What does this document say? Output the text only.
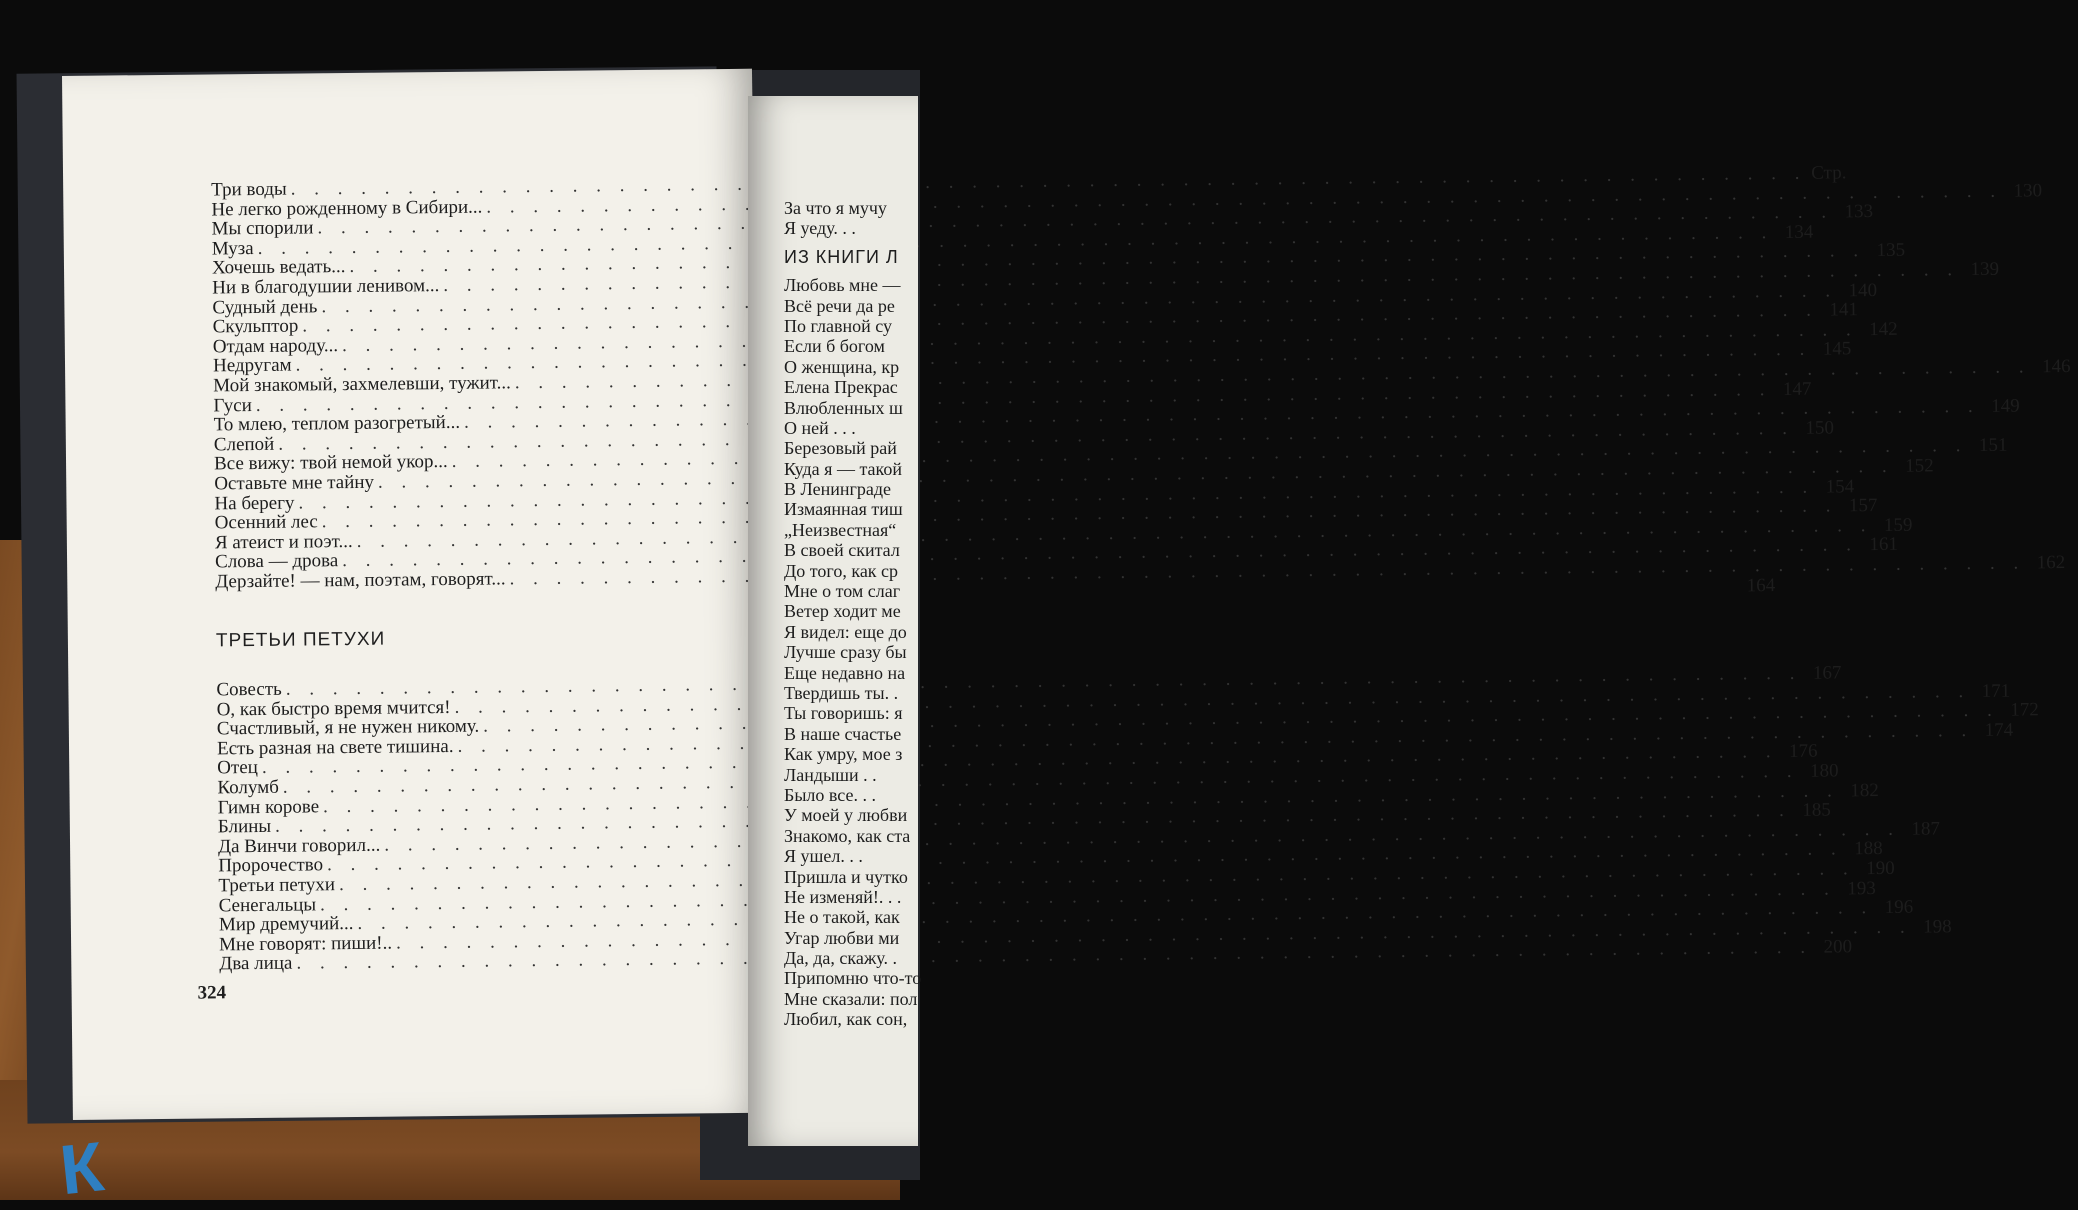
К
Три воды
. . .
Стр.
Не легко рожденному в Сибири...
. . .
130
Мы спорили
. . .
133
Муза
. . .
134
Хочешь ведать...
. . .
135
Ни в благодушии ленивом...
. . .
139
Судный день
. . .
140
Скульптор
. . .
141
Отдам народу...
. . .
142
Недругам
. . .
145
Мой знакомый, захмелевши, тужит...
. . .
146
Гуси
. . .
147
То млею, теплом разогретый...
. . .
149
Слепой
. . .
150
Все вижу: твой немой укор...
. . .
151
Оставьте мне тайну
. . .
152
На берегу
. . .
154
Осенний лес
. . .
157
Я атеист и поэт...
. . .
159
Слова — дрова
. . .
161
Дерзайте! — нам, поэтам, говорят...
. . .
162
164
Совесть
. . .
167
О, как быстро время мчится!
. . .
171
Счастливый, я не нужен никому.
. . .
172
Есть разная на свете тишина.
. . .
174
Отец
. . .
176
Колумб
. . .
180
Гимн корове
. . .
182
Блины
. . .
185
Да Винчи говорил...
. . .
187
Пророчество
. . .
188
Третьи петухи
. . .
190
Сенегальцы
. . .
193
Мир дремучий...
. . .
196
Мне говорят: пиши!..
. . .
198
Два лица
. . .
200
ТРЕТЬИ ПЕТУХИ
324
За что я мучу
Я уеду. . .
ИЗ КНИГИ Л
Любовь мне —
Всё речи да ре
По главной су
Если б богом
О женщина, кр
Елена Прекрас
Влюбленных ш
О ней . . .
Березовый рай
Куда я — такой
В Ленинграде
Измаянная тиш
„Неизвестная“
В своей скитал
До того, как ср
Мне о том слаг
Ветер ходит ме
Я видел: еще до
Лучше сразу бы
Еще недавно на
Твердишь ты. .
Ты говоришь: я
В наше счастье
Как умру, мое з
Ландыши . .
Было все. . .
У моей у любви
Знакомо, как ста
Я ушел. . .
Пришла и чутко
Не изменяй!. . .
Не о такой, как
Угар любви ми
Да, да, скажу. .
Припомню что-то
Мне сказали: пол
Любил, как сон,
